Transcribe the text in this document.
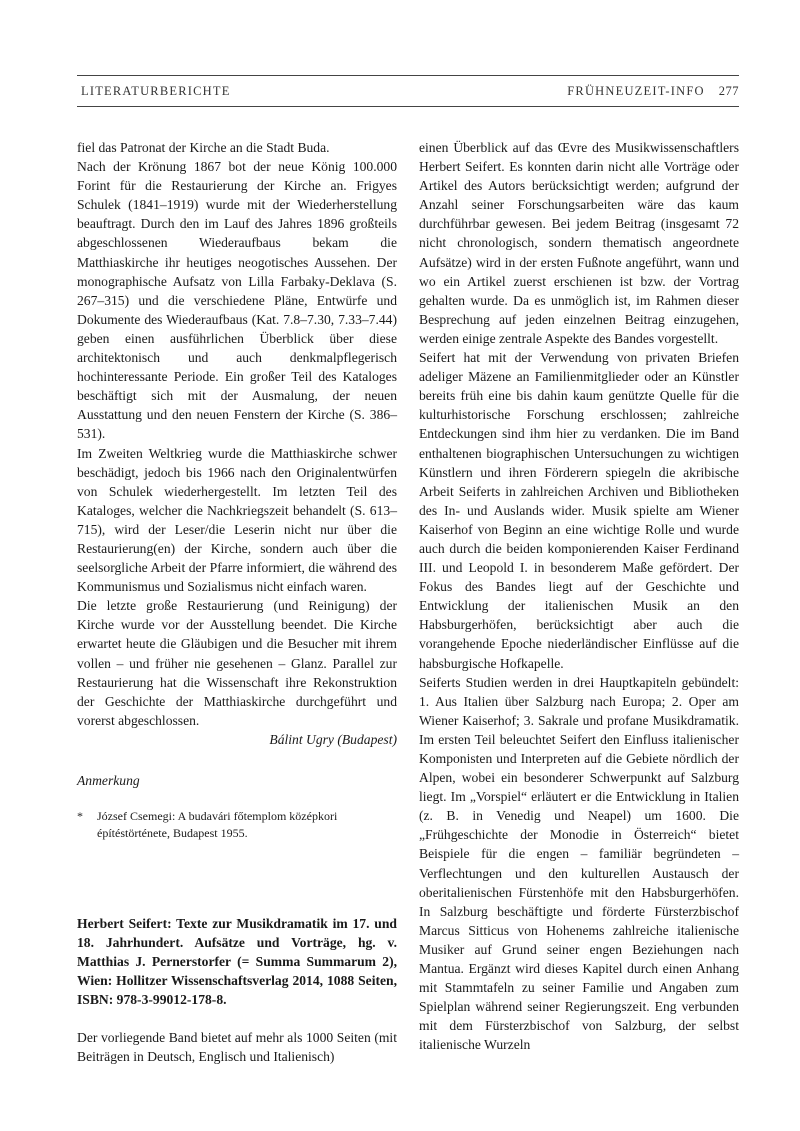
LITERATURBERICHTE	FRÜHNEUZEIT-INFO 277

fiel das Patronat der Kirche an die Stadt Buda.

Nach der Krönung 1867 bot der neue König 100.000 Forint für die Restaurierung der Kirche an. Frigyes Schulek (1841–1919) wurde mit der Wiederherstellung beauftragt. Durch den im Lauf des Jahres 1896 großteils abgeschlossenen Wiederaufbaus bekam die Matthiaskirche ihr heutiges neogotisches Aussehen. Der monographische Aufsatz von Lilla Farbaky-Deklava (S. 267–315) und die verschiedene Pläne, Entwürfe und Dokumente des Wiederaufbaus (Kat. 7.8–7.30, 7.33–7.44) geben einen ausführlichen Überblick über diese architektonisch und auch denkmalpflegerisch hochinteressante Periode. Ein großer Teil des Kataloges beschäftigt sich mit der Ausmalung, der neuen Ausstattung und den neuen Fenstern der Kirche (S. 386–531).

Im Zweiten Weltkrieg wurde die Matthiaskirche schwer beschädigt, jedoch bis 1966 nach den Originalentwürfen von Schulek wiederhergestellt. Im letzten Teil des Kataloges, welcher die Nachkriegszeit behandelt (S. 613–715), wird der Leser/die Leserin nicht nur über die Restaurierung(en) der Kirche, sondern auch über die seelsorgliche Arbeit der Pfarre informiert, die während des Kommunismus und Sozialismus nicht einfach waren.

Die letzte große Restaurierung (und Reinigung) der Kirche wurde vor der Ausstellung beendet. Die Kirche erwartet heute die Gläubigen und die Besucher mit ihrem vollen – und früher nie gesehenen – Glanz. Parallel zur Restaurierung hat die Wissenschaft ihre Rekonstruktion der Geschichte der Matthiaskirche durchgeführt und vorerst abgeschlossen.

Bálint Ugry (Budapest)

Anmerkung

*	József Csemegi: A budavári főtemplom középkori építéstörténete, Budapest 1955.

Herbert Seifert: Texte zur Musikdramatik im 17. und 18. Jahrhundert. Aufsätze und Vorträge, hg. v. Matthias J. Pernerstorfer (= Summa Summarum 2), Wien: Hollitzer Wissenschaftsverlag 2014, 1088 Seiten, ISBN: 978-3-99012-178-8.

Der vorliegende Band bietet auf mehr als 1000 Seiten (mit Beiträgen in Deutsch, Englisch und Italienisch)

einen Überblick auf das Œvre des Musikwissenschaftlers Herbert Seifert. Es konnten darin nicht alle Vorträge oder Artikel des Autors berücksichtigt werden; aufgrund der Anzahl seiner Forschungsarbeiten wäre das kaum durchführbar gewesen. Bei jedem Beitrag (insgesamt 72 nicht chronologisch, sondern thematisch angeordnete Aufsätze) wird in der ersten Fußnote angeführt, wann und wo ein Artikel zuerst erschienen ist bzw. der Vortrag gehalten wurde. Da es unmöglich ist, im Rahmen dieser Besprechung auf jeden einzelnen Beitrag einzugehen, werden einige zentrale Aspekte des Bandes vorgestellt.

Seifert hat mit der Verwendung von privaten Briefen adeliger Mäzene an Familienmitglieder oder an Künstler bereits früh eine bis dahin kaum genützte Quelle für die kulturhistorische Forschung erschlossen; zahlreiche Entdeckungen sind ihm hier zu verdanken. Die im Band enthaltenen biographischen Untersuchungen zu wichtigen Künstlern und ihren Förderern spiegeln die akribische Arbeit Seiferts in zahlreichen Archiven und Bibliotheken des In- und Auslands wider. Musik spielte am Wiener Kaiserhof von Beginn an eine wichtige Rolle und wurde auch durch die beiden komponierenden Kaiser Ferdinand III. und Leopold I. in besonderem Maße gefördert. Der Fokus des Bandes liegt auf der Geschichte und Entwicklung der italienischen Musik an den Habsburgerhöfen, berücksichtigt aber auch die vorangehende Epoche niederländischer Einflüsse auf die habsburgische Hofkapelle.

Seiferts Studien werden in drei Hauptkapiteln gebündelt: 1. Aus Italien über Salzburg nach Europa; 2. Oper am Wiener Kaiserhof; 3. Sakrale und profane Musikdramatik. Im ersten Teil beleuchtet Seifert den Einfluss italienischer Komponisten und Interpreten auf die Gebiete nördlich der Alpen, wobei ein besonderer Schwerpunkt auf Salzburg liegt. Im „Vorspiel“ erläutert er die Entwicklung in Italien (z. B. in Venedig und Neapel) um 1600. Die „Frühgeschichte der Monodie in Österreich“ bietet Beispiele für die engen – familiär begründeten – Verflechtungen und den kulturellen Austausch der oberitalienischen Fürstenhöfe mit den Habsburgerhöfen. In Salzburg beschäftigte und förderte Fürsterzbischof Marcus Sitticus von Hohenems zahlreiche italienische Musiker auf Grund seiner engen Beziehungen nach Mantua. Ergänzt wird dieses Kapitel durch einen Anhang mit Stammtafeln zu seiner Familie und Angaben zum Spielplan während seiner Regierungszeit. Eng verbunden mit dem Fürsterzbischof von Salzburg, der selbst italienische Wurzeln
